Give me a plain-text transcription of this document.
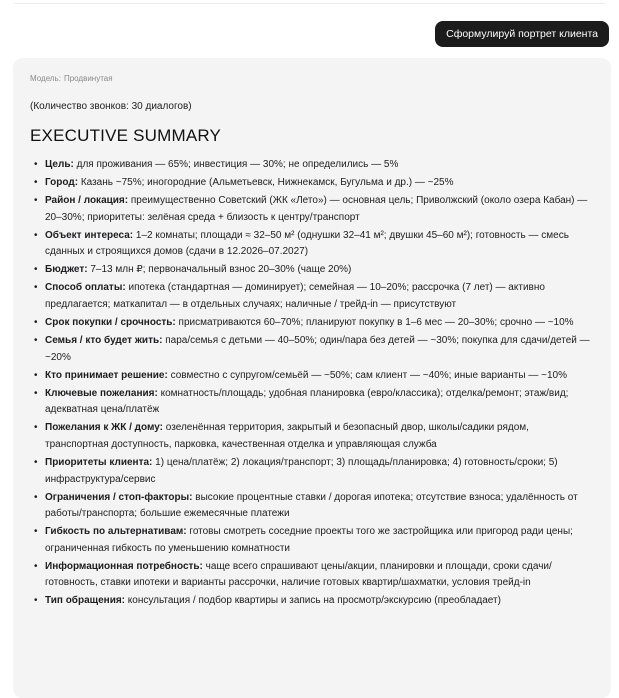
Сформулируй портрет клиента
Модель: Продвинутая
(Количество звонков: 30 диалогов)
EXECUTIVE SUMMARY
• Цель: для проживания — 65%; инвестиция — 30%; не определились — 5%
• Город: Казань ~75%; иногородние (Альметьевск, Нижнекамск, Бугульма и др.) — ~25%
• Район / локация: преимущественно Советский (ЖК «Лето») — основная цель; Приволжский (около озера Кабан) — 20–30%; приоритеты: зелёная среда + близость к центру/транспорт
• Объект интереса: 1–2 комнаты; площади ≈ 32–50 м² (однушки 32–41 м²; двушки 45–60 м²); готовность — смесь сданных и строящихся домов (сдачи в 12.2026–07.2027)
• Бюджет: 7–13 млн ₽; первоначальный взнос 20–30% (чаще 20%)
• Способ оплаты: ипотека (стандартная — доминирует); семейная — 10–20%; рассрочка (7 лет) — активно предлагается; маткапитал — в отдельных случаях; наличные / трейд-in — присутствуют
• Срок покупки / срочность: присматриваются 60–70%; планируют покупку в 1–6 мес — 20–30%; срочно — ~10%
• Семья / кто будет жить: пара/семья с детьми — 40–50%; один/пара без детей — ~30%; покупка для сдачи/детей — ~20%
• Кто принимает решение: совместно с супругом/семьёй — ~50%; сам клиент — ~40%; иные варианты — ~10%
• Ключевые пожелания: комнатность/площадь; удобная планировка (евро/классика); отделка/ремонт; этаж/вид; адекватная цена/платёж
• Пожелания к ЖК / дому: озеленённая территория, закрытый и безопасный двор, школы/садики рядом, транспортная доступность, парковка, качественная отделка и управляющая служба
• Приоритеты клиента: 1) цена/платёж; 2) локация/транспорт; 3) площадь/планировка; 4) готовность/сроки; 5) инфраструктура/сервис
• Ограничения / стоп-факторы: высокие процентные ставки / дорогая ипотека; отсутствие взноса; удалённость от работы/транспорта; большие ежемесячные платежи
• Гибкость по альтернативам: готовы смотреть соседние проекты того же застройщика или пригород ради цены; ограниченная гибкость по уменьшению комнатности
• Информационная потребность: чаще всего спрашивают цены/акции, планировки и площади, сроки сдачи/готовность, ставки ипотеки и варианты рассрочки, наличие готовых квартир/шахматки, условия трейд-in
• Тип обращения: консультация / подбор квартиры и запись на просмотр/экскурсию (преобладает)
